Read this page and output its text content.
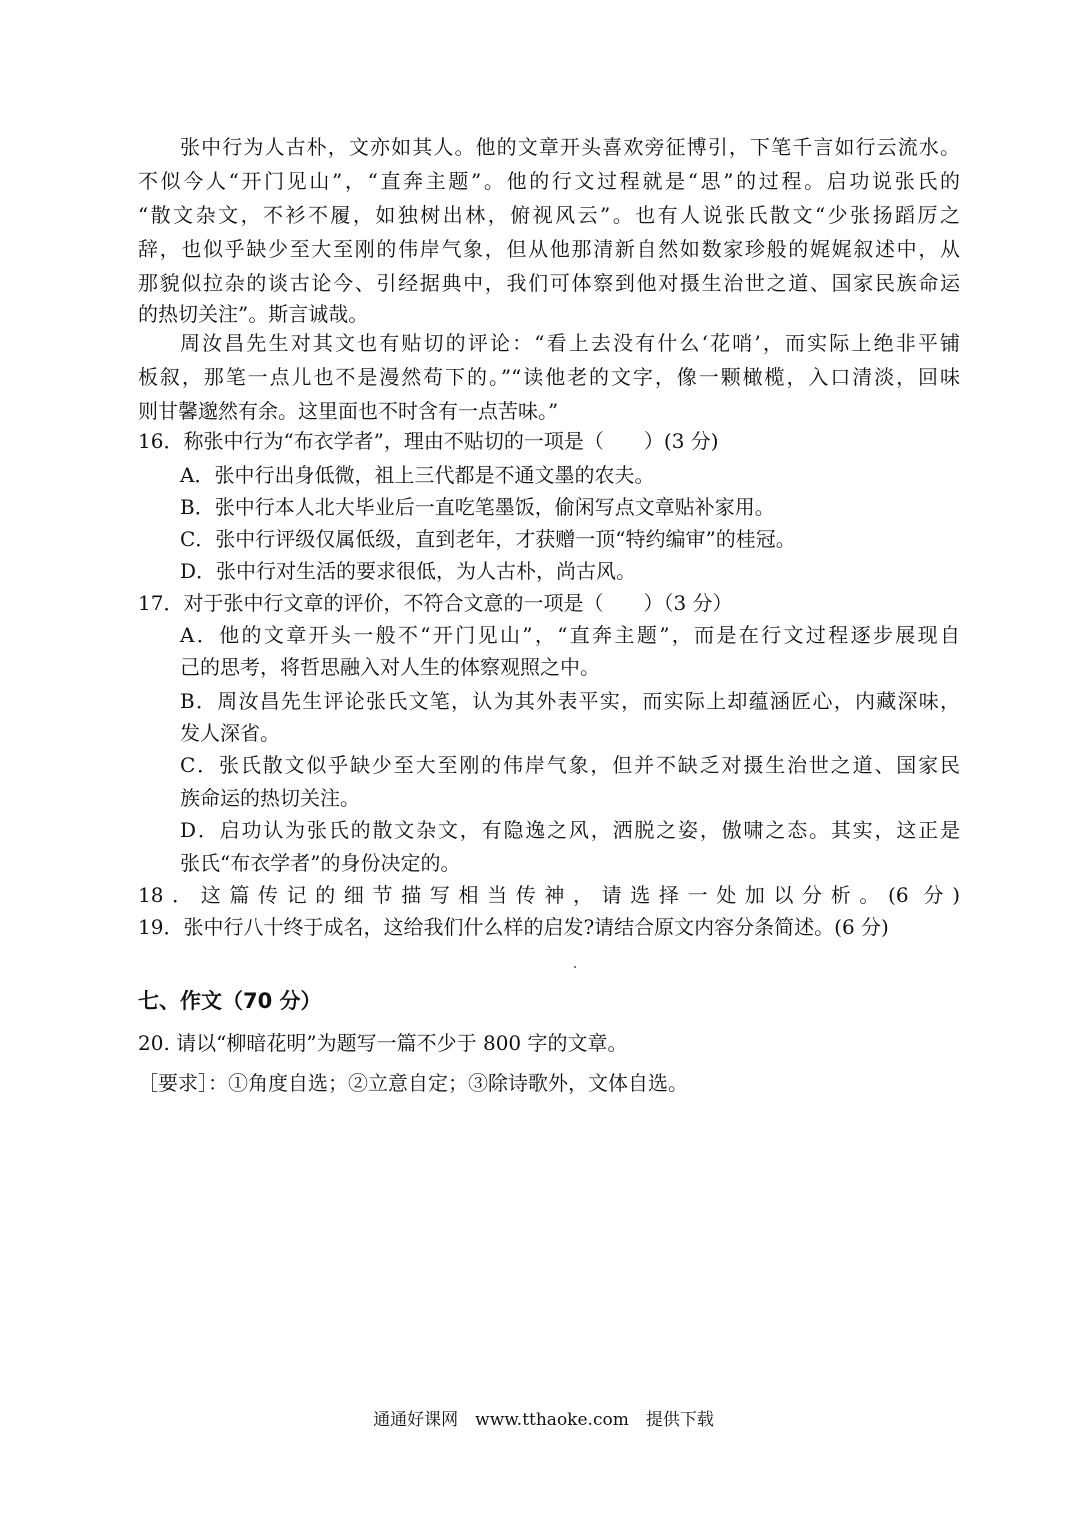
张中行为人古朴，文亦如其人。他的文章开头喜欢旁征博引，下笔千言如行云流水。
不似今人“开门见山”，“直奔主题”。他的行文过程就是“思”的过程。启功说张氏的
“散文杂文，不衫不履，如独树出林，俯视风云”。也有人说张氏散文“少张扬蹈厉之
辞，也似乎缺少至大至刚的伟岸气象，但从他那清新自然如数家珍般的娓娓叙述中，从
那貌似拉杂的谈古论今、引经据典中，我们可体察到他对摄生治世之道、国家民族命运
的热切关注”。斯言诚哉。
周汝昌先生对其文也有贴切的评论：“看上去没有什么‘花哨’，而实际上绝非平铺
板叙，那笔一点儿也不是漫然苟下的。”“读他老的文字，像一颗橄榄，入口清淡，回味
则甘馨邈然有余。这里面也不时含有一点苦味。”
16．称张中行为“布衣学者”，理由不贴切的一项是（　　）(3 分)
A．张中行出身低微，祖上三代都是不通文墨的农夫。
B．张中行本人北大毕业后一直吃笔墨饭，偷闲写点文章贴补家用。
C．张中行评级仅属低级，直到老年，才获赠一顶“特约编审”的桂冠。
D．张中行对生活的要求很低，为人古朴，尚古风。
17．对于张中行文章的评价，不符合文意的一项是（　　）（3 分）
A．他的文章开头一般不“开门见山”，“直奔主题”，而是在行文过程逐步展现自
己的思考，将哲思融入对人生的体察观照之中。
B．周汝昌先生评论张氏文笔，认为其外表平实，而实际上却蕴涵匠心，内藏深味，
发人深省。
C．张氏散文似乎缺少至大至刚的伟岸气象，但并不缺乏对摄生治世之道、国家民
族命运的热切关注。
D．启功认为张氏的散文杂文，有隐逸之风，洒脱之姿，傲啸之态。其实，这正是
张氏“布衣学者”的身份决定的。
18．这篇传记的细节描写相当传神，请选择一处加以分析。(6 分)
19．张中行八十终于成名，这给我们什么样的启发?请结合原文内容分条简述。(6 分)
七、作文（70 分）
20. 请以“柳暗花明”为题写一篇不少于 800 字的文章。
［要求］：①角度自选；②立意自定；③除诗歌外，文体自选。
通通好课网　www.tthaoke.com　提供下载
